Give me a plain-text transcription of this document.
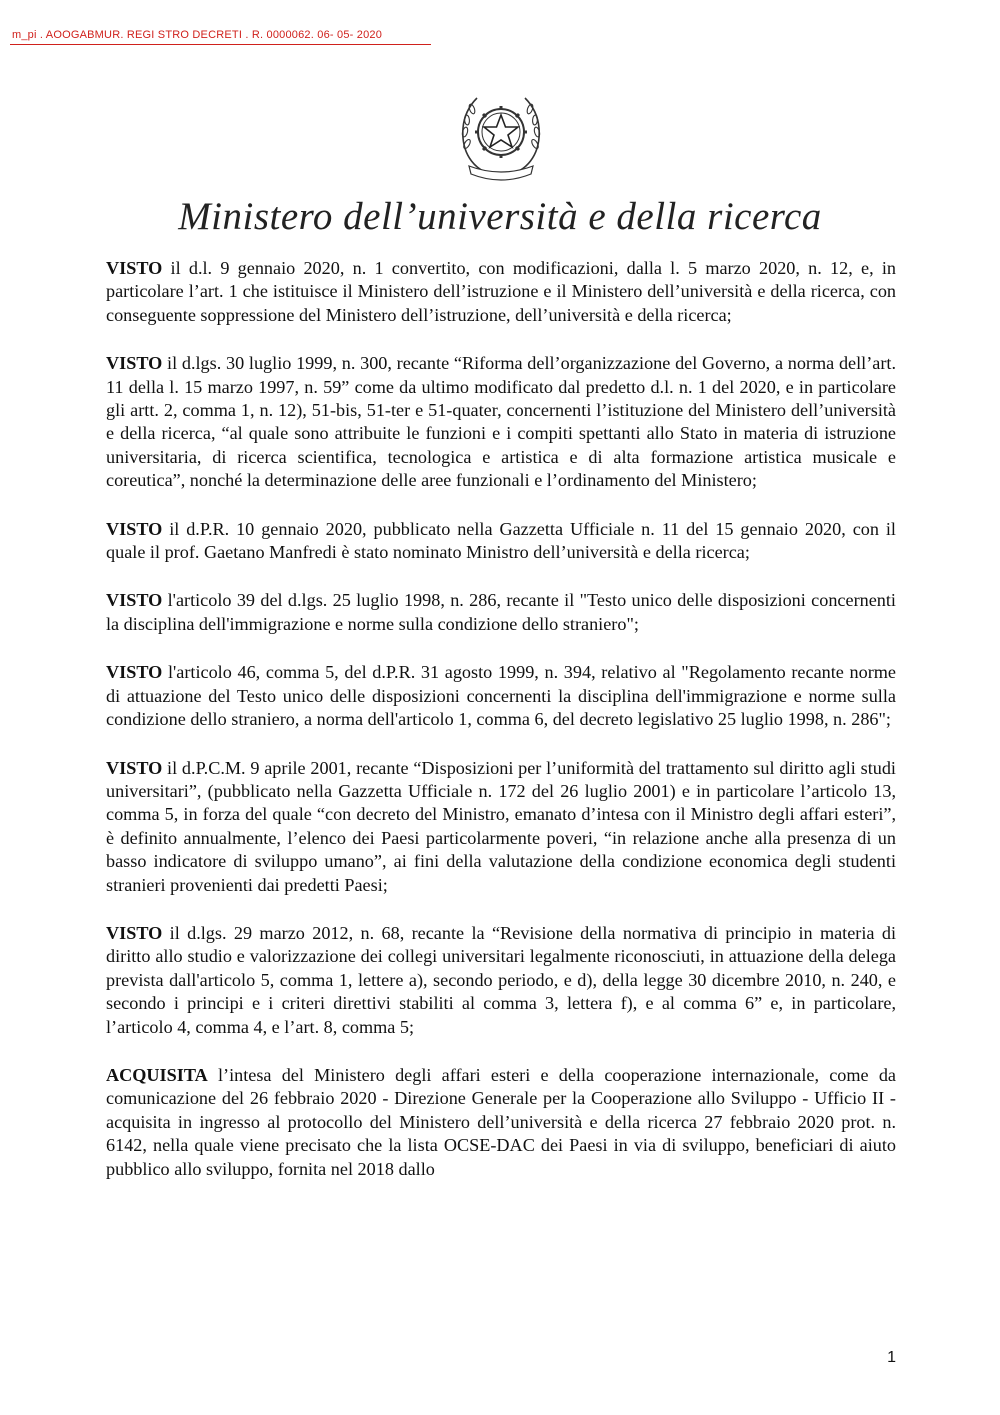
m_pi . AOOGABMUR. REGI STRO DECRETI . R. 0000062. 06- 05- 2020
Ministero dell’università e della ricerca

VISTO il d.l. 9 gennaio 2020, n. 1 convertito, con modificazioni, dalla l. 5 marzo 2020, n. 12, e, in particolare l’art. 1 che istituisce il Ministero dell’istruzione e il Ministero dell’università e della ricerca, con conseguente soppressione del Ministero dell’istruzione, dell’università e della ricerca;

VISTO il d.lgs. 30 luglio 1999, n. 300, recante “Riforma dell’organizzazione del Governo, a norma dell’art. 11 della l. 15 marzo 1997, n. 59” come da ultimo modificato dal predetto d.l. n. 1 del 2020, e in particolare gli artt. 2, comma 1, n. 12), 51-bis, 51-ter e 51-quater, concernenti l’istituzione del Ministero dell’università e della ricerca, “al quale sono attribuite le funzioni e i compiti spettanti allo Stato in materia di istruzione universitaria, di ricerca scientifica, tecnologica e artistica e di alta formazione artistica musicale e coreutica”, nonché la determinazione delle aree funzionali e l’ordinamento del Ministero;

VISTO il d.P.R. 10 gennaio 2020, pubblicato nella Gazzetta Ufficiale n. 11 del 15 gennaio 2020, con il quale il prof. Gaetano Manfredi è stato nominato Ministro dell’università e della ricerca;

VISTO l'articolo 39 del d.lgs. 25 luglio 1998, n. 286, recante il "Testo unico delle disposizioni concernenti la disciplina dell'immigrazione e norme sulla condizione dello straniero";

VISTO l'articolo 46, comma 5, del d.P.R. 31 agosto 1999, n. 394, relativo al "Regolamento recante norme di attuazione del Testo unico delle disposizioni concernenti la disciplina dell'immigrazione e norme sulla condizione dello straniero, a norma dell'articolo 1, comma 6, del decreto legislativo 25 luglio 1998, n. 286";

VISTO il d.P.C.M. 9 aprile 2001, recante “Disposizioni per l’uniformità del trattamento sul diritto agli studi universitari”, (pubblicato nella Gazzetta Ufficiale n. 172 del 26 luglio 2001) e in particolare l’articolo 13, comma 5, in forza del quale “con decreto del Ministro, emanato d’intesa con il Ministro degli affari esteri”, è definito annualmente, l’elenco dei Paesi particolarmente poveri, “in relazione anche alla presenza di un basso indicatore di sviluppo umano”, ai fini della valutazione della condizione economica degli studenti stranieri provenienti dai predetti Paesi;

VISTO il d.lgs. 29 marzo 2012, n. 68, recante la “Revisione della normativa di principio in materia di diritto allo studio e valorizzazione dei collegi universitari legalmente riconosciuti, in attuazione della delega prevista dall'articolo 5, comma 1, lettere a), secondo periodo, e d), della legge 30 dicembre 2010, n. 240, e secondo i principi e i criteri direttivi stabiliti al comma 3, lettera f), e al comma 6” e, in particolare, l’articolo 4, comma 4, e l’art. 8, comma 5;

ACQUISITA l’intesa del Ministero degli affari esteri e della cooperazione internazionale, come da comunicazione del 26 febbraio 2020 - Direzione Generale per la Cooperazione allo Sviluppo - Ufficio II - acquisita in ingresso al protocollo del Ministero dell’università e della ricerca 27 febbraio 2020 prot. n. 6142, nella quale viene precisato che la lista OCSE-DAC dei Paesi in via di sviluppo, beneficiari di aiuto pubblico allo sviluppo, fornita nel 2018 dallo

1
